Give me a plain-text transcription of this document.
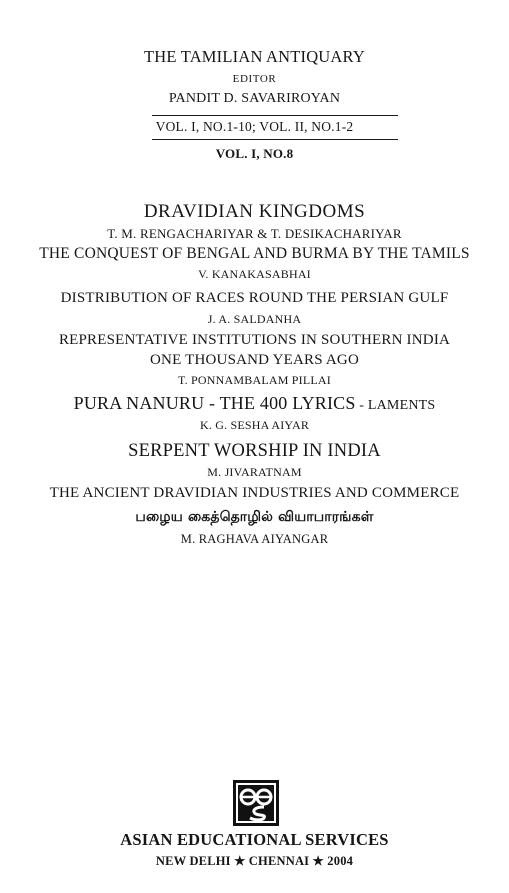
THE TAMILIAN ANTIQUARY
EDITOR
PANDIT D. SAVARIROYAN
VOL. I, NO.1-10; VOL. II, NO.1-2
VOL. I, NO.8
DRAVIDIAN KINGDOMS
T. M. RENGACHARIYAR & T. DESIKACHARIYAR
THE CONQUEST OF BENGAL AND BURMA BY THE TAMILS
V. KANAKASABHAI
DISTRIBUTION OF RACES ROUND THE PERSIAN GULF
J. A. SALDANHA
REPRESENTATIVE INSTITUTIONS IN SOUTHERN INDIA
ONE THOUSAND YEARS AGO
T. PONNAMBALAM PILLAI
PURA NANURU - THE 400 LYRICS - LAMENTS
K. G. SESHA AIYAR
SERPENT WORSHIP IN INDIA
M. JIVARATNAM
THE ANCIENT DRAVIDIAN INDUSTRIES AND COMMERCE
பழைய கைத்தொழில் வியாபாரங்கள்
M. RAGHAVA AIYANGAR
ASIAN EDUCATIONAL SERVICES
NEW DELHI ★ CHENNAI ★ 2004
